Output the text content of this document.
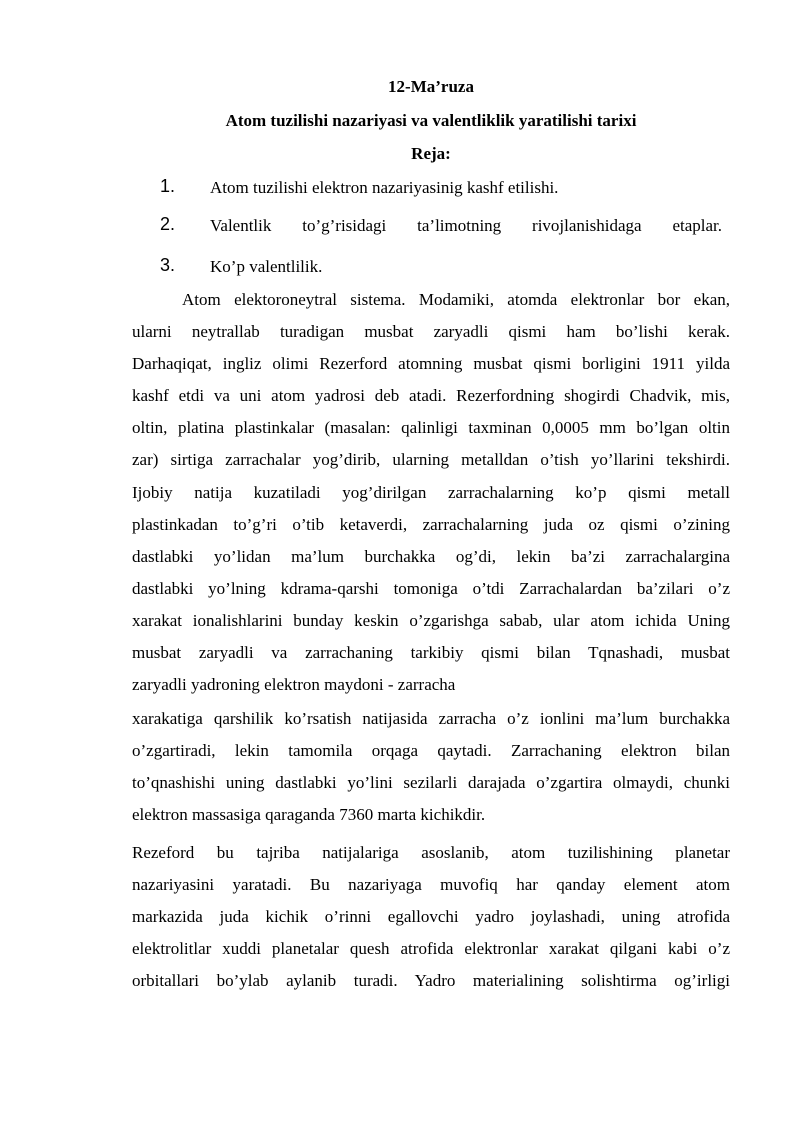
12-Ma’ruza
Atom tuzilishi nazariyasi va valentliklik yaratilishi tarixi
Reja:
1. Atom tuzilishi elektron nazariyasinig kashf etilishi.
2. Valentlik to’g’risidagi ta’limotning rivojlanishidaga etaplar.
3. Ko’p valentlilik.
Atom elektoroneytral sistema. Modamiki, atomda elektronlar bor ekan,
ularni neytrallab turadigan musbat zaryadli qismi ham bo’lishi kerak.
Darhaqiqat, ingliz olimi Rezerford atomning musbat qismi borligini 1911 yilda
kashf etdi va uni atom yadrosi deb atadi. Rezerfordning shogirdi Chadvik, mis,
oltin, platina plastinkalar (masalan: qalinligi taxminan 0,0005 mm bo’lgan oltin
zar) sirtiga zarrachalar yog’dirib, ularning metalldan o’tish yo’llarini tekshirdi.
Ijobiy natija kuzatiladi yog’dirilgan zarrachalarning ko’p qismi metall
plastinkadan to’g’ri o’tib ketaverdi, zarrachalarning juda oz qismi o’zining
dastlabki yo’lidan ma’lum burchakka og’di, lekin ba’zi zarrachalargina
dastlabki yo’lning kdrama-qarshi tomoniga o’tdi Zarrachalardan ba’zilari o’z
xarakat ionalishlarini bunday keskin o’zgarishga sabab, ular atom ichida Uning
musbat zaryadli va zarrachaning tarkibiy qismi bilan Tqnashadi, musbat
zaryadli yadroning elektron maydoni - zarracha
xarakatiga qarshilik ko’rsatish natijasida zarracha o’z ionlini ma’lum burchakka
o’zgartiradi, lekin tamomila orqaga qaytadi. Zarrachaning elektron bilan
to’qnashishi uning dastlabki yo’lini sezilarli darajada o’zgartira olmaydi, chunki
elektron massasiga qaraganda 7360 marta kichikdir.
Rezeford bu tajriba natijalariga asoslanib, atom tuzilishining planetar
nazariyasini yaratadi. Bu nazariyaga muvofiq har qanday element atom
markazida juda kichik o’rinni egallovchi yadro joylashadi, uning atrofida
elektrolitlar xuddi planetalar quesh atrofida elektronlar xarakat qilgani kabi o’z
orbitallari bo’ylab aylanib turadi. Yadro materialining solishtirma og’irligi
